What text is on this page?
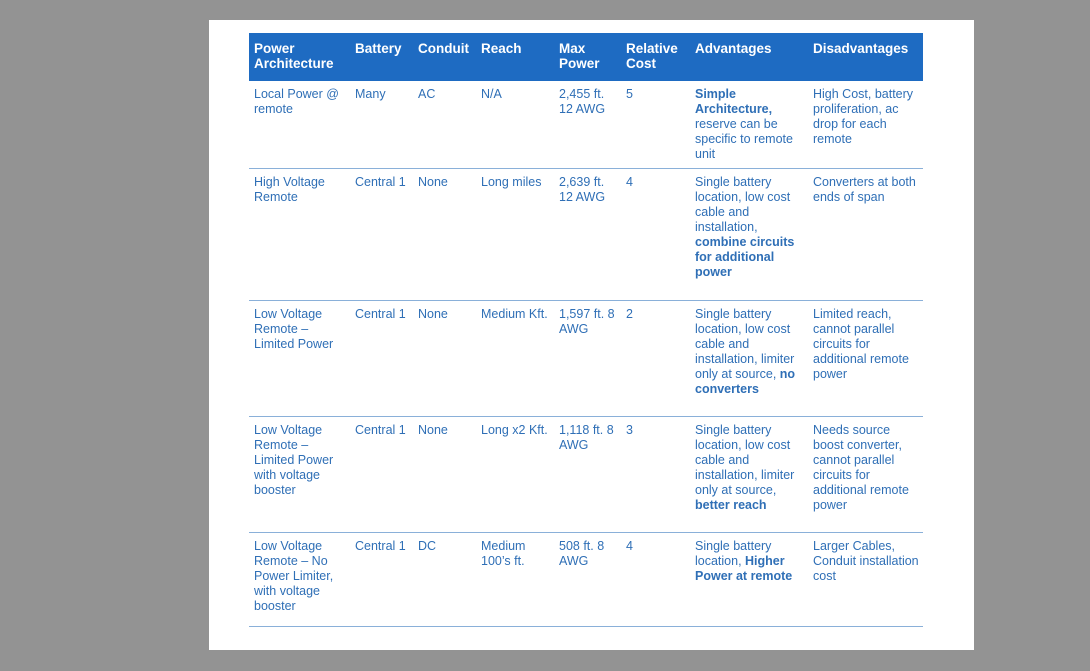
Power Architecture	Battery	Conduit	Reach	Max Power	Relative Cost	Advantages	Disadvantages
Local Power @ remote	Many	AC	N/A	2,455 ft. 12 AWG	5	Simple Architecture, reserve can be specific to remote unit	High Cost, battery proliferation, ac drop for each remote
High Voltage Remote	Central 1	None	Long miles	2,639 ft. 12 AWG	4	Single battery location, low cost cable and installation, combine circuits for additional power	Converters at both ends of span
Low Voltage Remote – Limited Power	Central 1	None	Medium Kft.	1,597 ft. 8 AWG	2	Single battery location, low cost cable and installation, limiter only at source, no converters	Limited reach, cannot parallel circuits for additional remote power
Low Voltage Remote – Limited Power with voltage booster	Central 1	None	Long x2 Kft.	1,118 ft. 8 AWG	3	Single battery location, low cost cable and installation, limiter only at source, better reach	Needs source boost converter, cannot parallel circuits for additional remote power
Low Voltage Remote – No Power Limiter, with voltage booster	Central 1	DC	Medium 100’s ft.	508 ft. 8 AWG	4	Single battery location, Higher Power at remote	Larger Cables, Conduit installation cost
